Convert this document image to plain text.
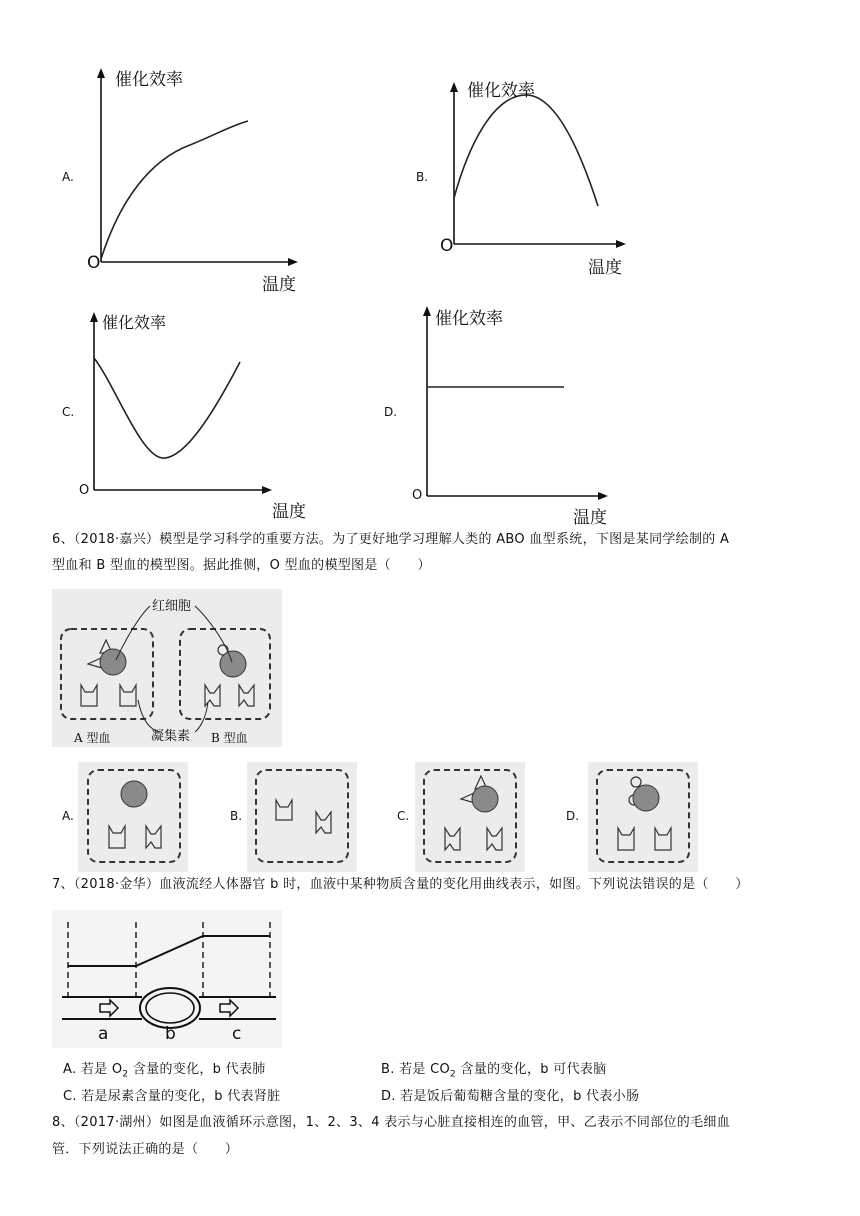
A.
催化效率
O
温度
B.
催化效率
O
温度
C.
催化效率
O
温度
D.
催化效率
O
温度
6、（2018·嘉兴）模型是学习科学的重要方法。为了更好地学习理解人类的 ABO 血型系统，下图是某同学绘制的 A
型血和 B 型血的模型图。据此推侧，O 型血的模型图是（　　）
红细胞
凝集素
A 型血	B 型血
A.	B.	C.	D.
7、（2018·金华）血液流经人体器官 b 时，血液中某种物质含量的变化用曲线表示，如图。下列说法错误的是（　　）
a	b	c
A. 若是 $O_2$ 含量的变化，b 代表肺	B. 若是 $CO_2$ 含量的变化，b 可代表脑
C. 若是尿素含量的变化，b 代表肾脏	D. 若是饭后葡萄糖含量的变化，b 代表小肠
8、（2017·湖州）如图是血液循环示意图，1、2、3、4 表示与心脏直接相连的血管，甲、乙表示不同部位的毛细血
管．下列说法正确的是（　　）
